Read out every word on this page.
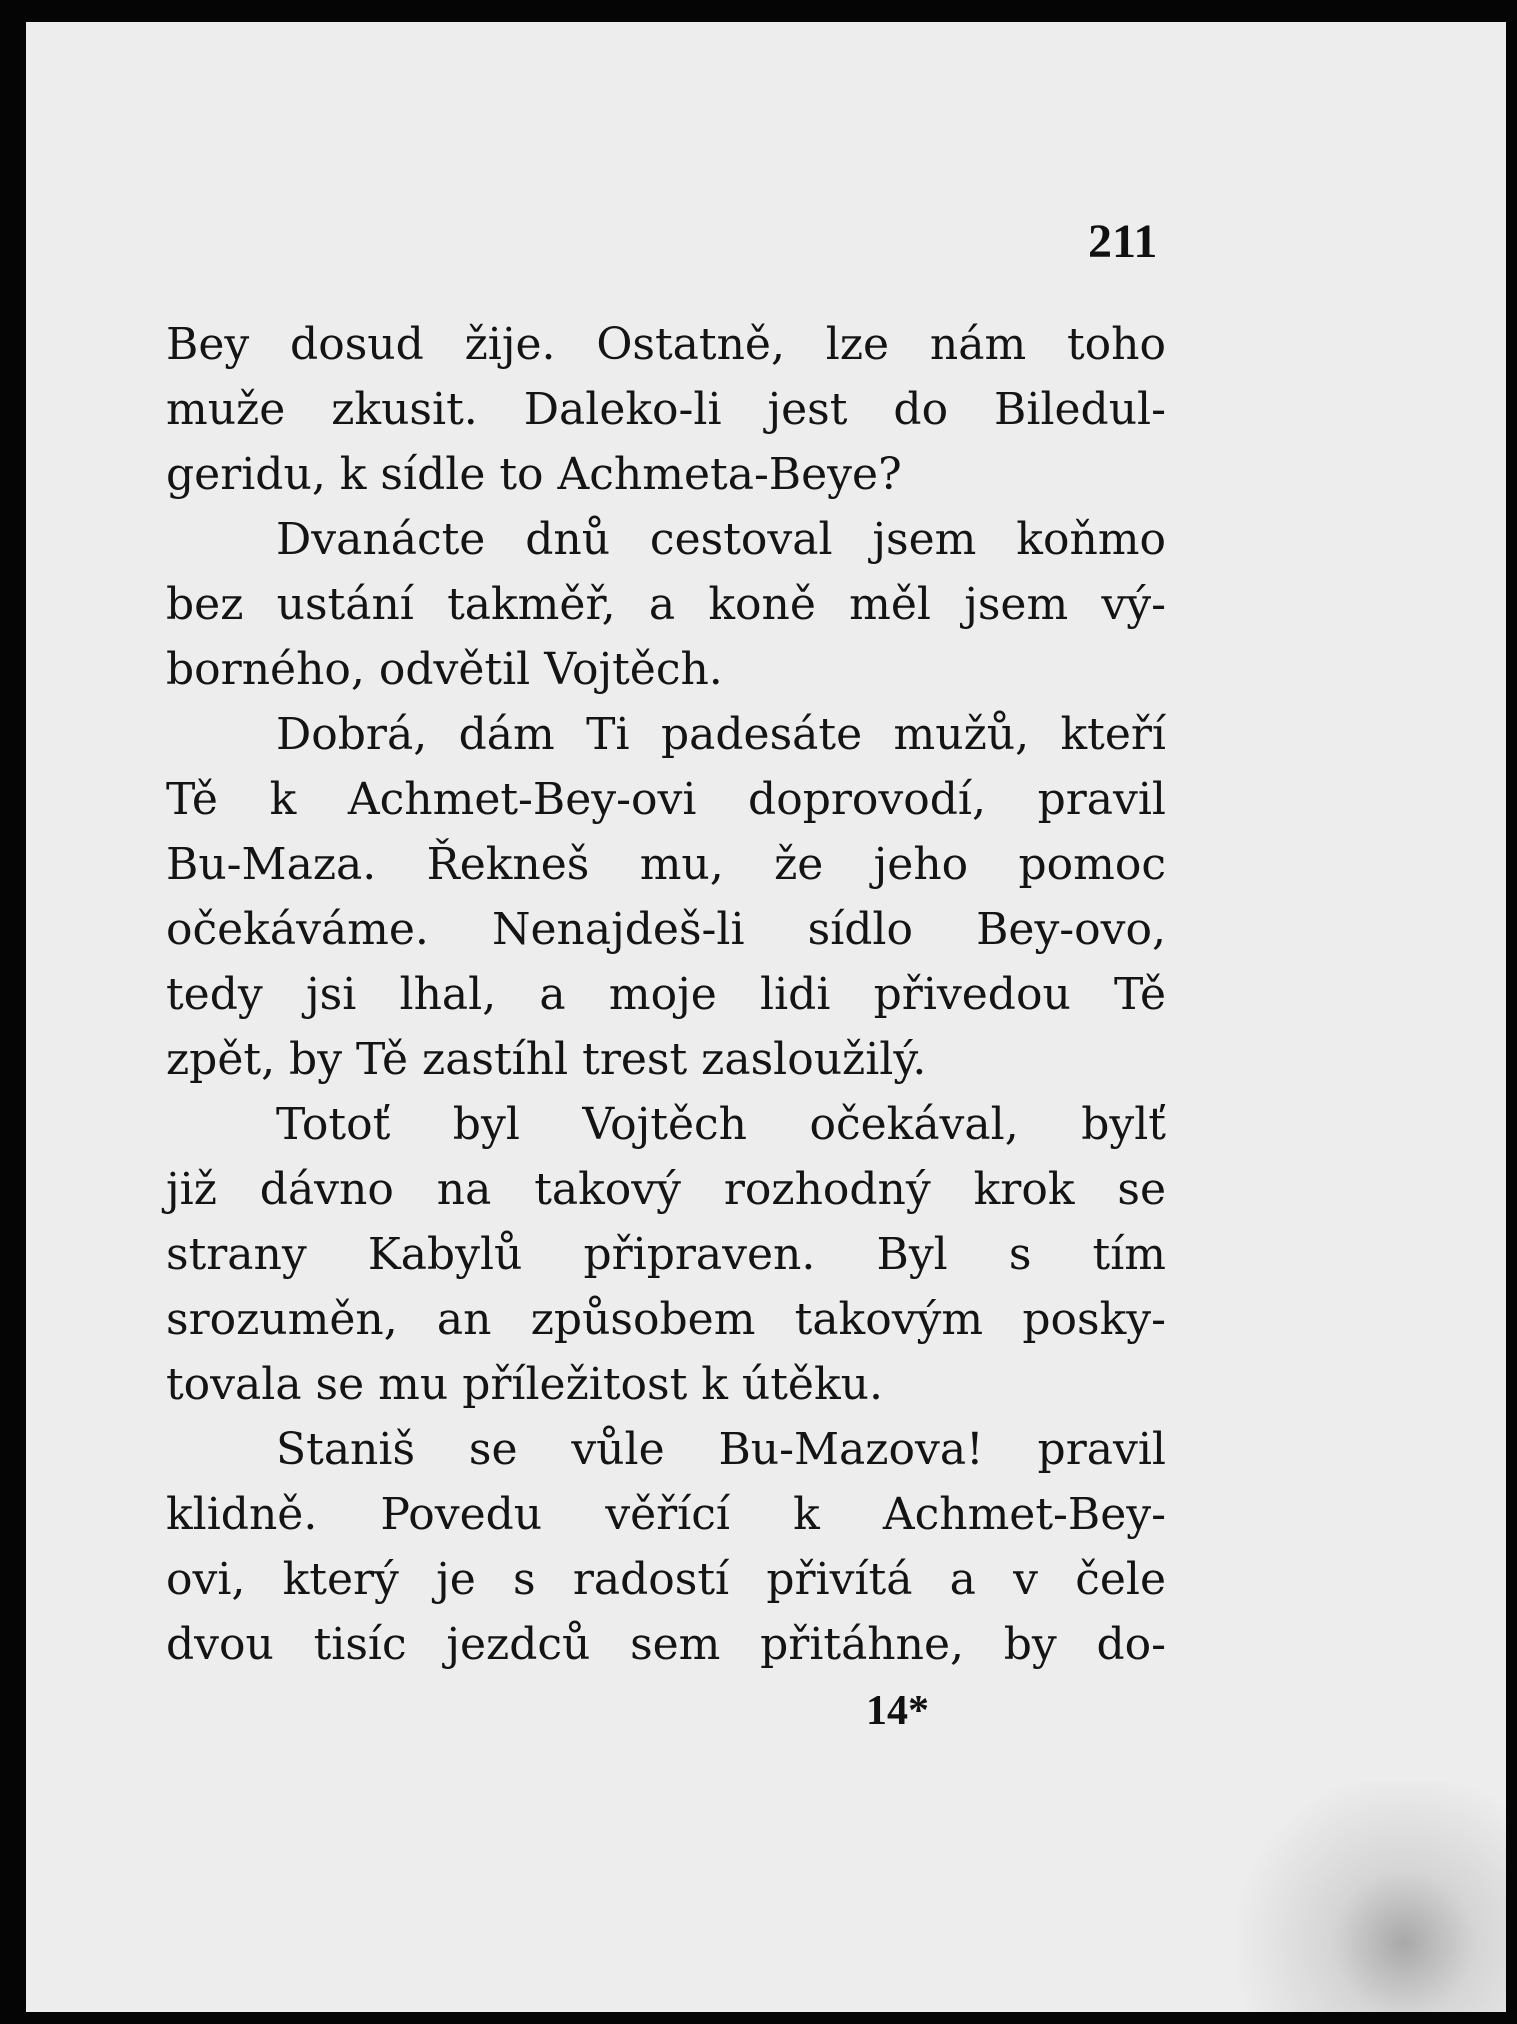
211
Bey dosud žije. Ostatně, lze nám toho
muže zkusit. Daleko-li jest do Biledul-
geridu, k sídle to Achmeta-Beye?
Dvanácte dnů cestoval jsem koňmo
bez ustání takměř, a koně měl jsem vý-
borného, odvětil Vojtěch.
Dobrá, dám Ti padesáte mužů, kteří
Tě k Achmet-Bey-ovi doprovodí, pravil
Bu-Maza. Řekneš mu, že jeho pomoc
očekáváme. Nenajdeš-li sídlo Bey-ovo,
tedy jsi lhal, a moje lidi přivedou Tě
zpět, by Tě zastíhl trest zasloužilý.
Totoť byl Vojtěch očekával, bylť
již dávno na takový rozhodný krok se
strany Kabylů připraven. Byl s tím
srozuměn, an způsobem takovým posky-
tovala se mu příležitost k útěku.
Staniš se vůle Bu-Mazova! pravil
klidně. Povedu věřící k Achmet-Bey-
ovi, který je s radostí přivítá a v čele
dvou tisíc jezdců sem přitáhne, by do-
14*
